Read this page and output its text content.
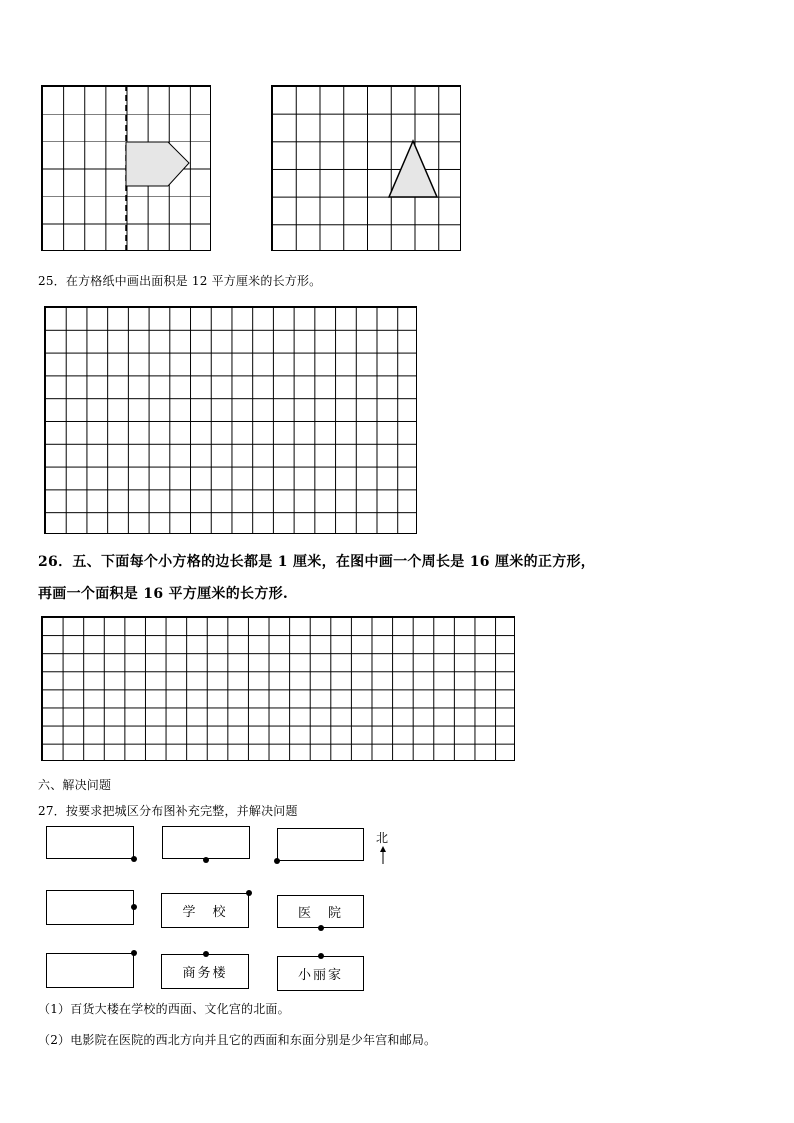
25．在方格纸中画出面积是 12 平方厘米的长方形。
26．五、下面每个小方格的边长都是 1 厘米，在图中画一个周长是 16 厘米的正方形，
再画一个面积是 16 平方厘米的长方形.
六、解决问题
27．按要求把城区分布图补充完整，并解决问题
北
学　校	医　院
商务楼	小丽家
（1）百货大楼在学校的西面、文化宫的北面。
（2）电影院在医院的西北方向并且它的西面和东面分别是少年宫和邮局。
